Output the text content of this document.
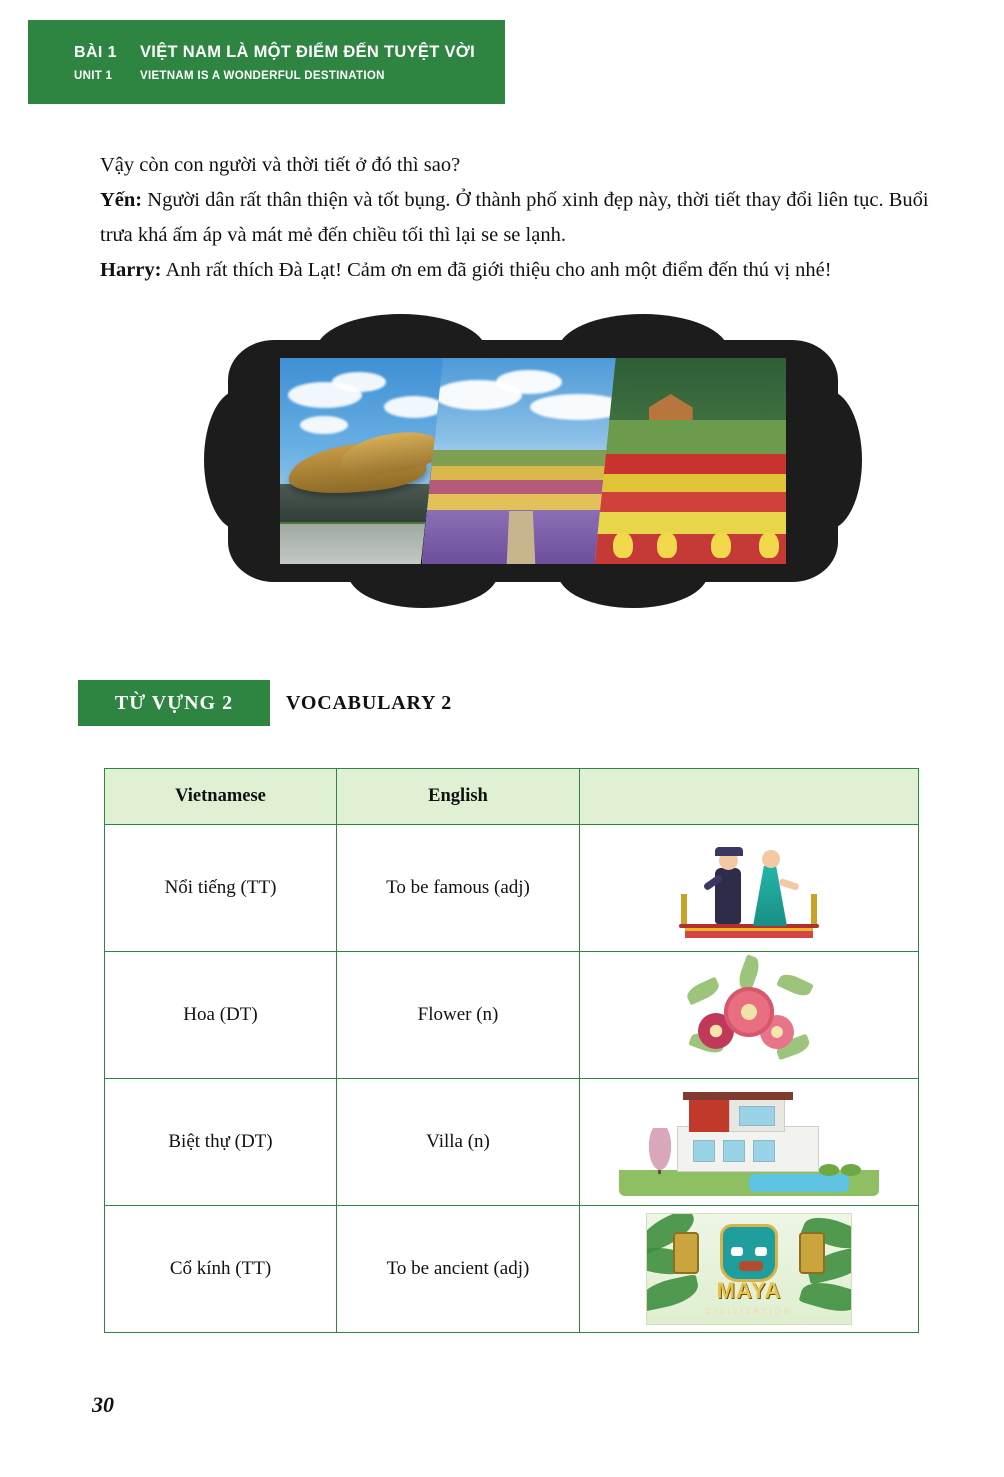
BÀI 1	VIỆT NAM LÀ MỘT ĐIỂM ĐẾN TUYỆT VỜI
UNIT 1	VIETNAM IS A WONDERFUL DESTINATION

Vậy còn con người và thời tiết ở đó thì sao?

Yến: Người dân rất thân thiện và tốt bụng. Ở thành phố xinh đẹp này, thời tiết thay đổi liên tục. Buổi trưa khá ấm áp và mát mẻ đến chiều tối thì lại se se lạnh.

Harry: Anh rất thích Đà Lạt! Cảm ơn em đã giới thiệu cho anh một điểm đến thú vị nhé!

TỪ VỰNG 2	VOCABULARY 2
Vietnamese	English	
Nổi tiếng (TT)	To be famous (adj)	

Hoa (DT)	Flower (n)	

Biệt thự (DT)	Villa (n)	

Cổ kính (TT)	To be ancient (adj)	MAYA
CIVILIZATION
30
